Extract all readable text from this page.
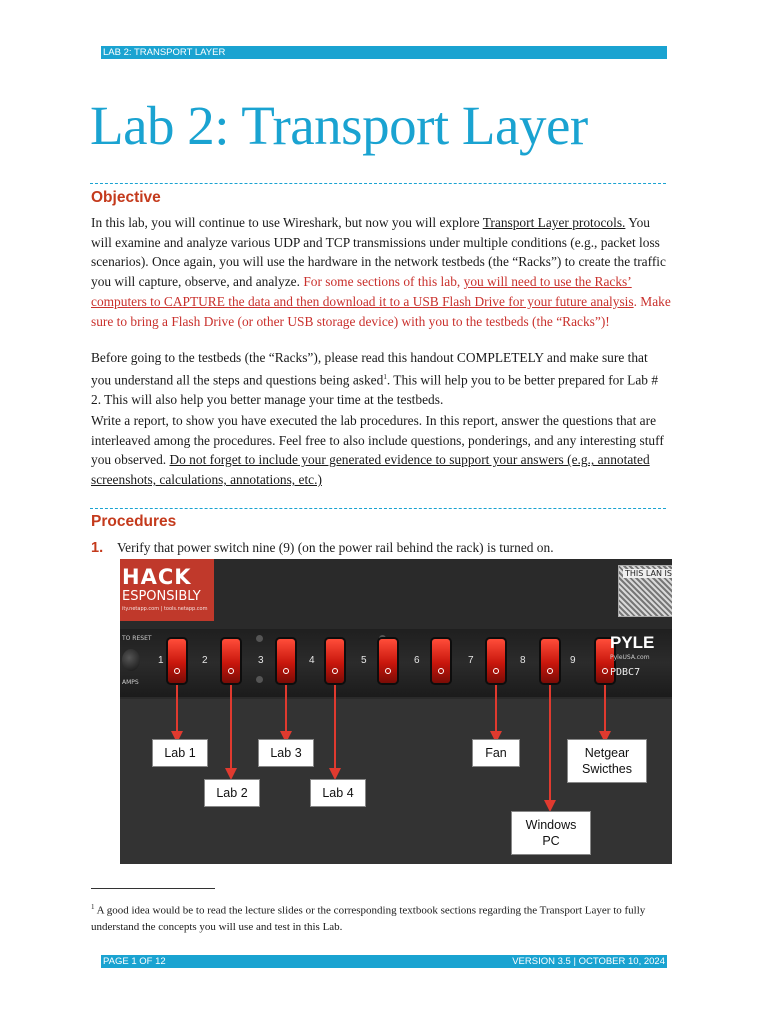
LAB 2: TRANSPORT LAYER
Lab 2: Transport Layer
Objective

In this lab, you will continue to use Wireshark, but now you will explore Transport Layer protocols. You will examine and analyze various UDP and TCP transmissions under multiple conditions (e.g., packet loss scenarios). Once again, you will use the hardware in the network testbeds (the “Racks”) to create the traffic you will capture, observe, and analyze. For some sections of this lab, you will need to use the Racks’ computers to CAPTURE the data and then download it to a USB Flash Drive for your future analysis. Make sure to bring a Flash Drive (or other USB storage device) with you to the testbeds (the “Racks”)!

Before going to the testbeds (the “Racks”), please read this handout COMPLETELY and make sure that you understand all the steps and questions being asked$^1$. This will help you to be better prepared for Lab # 2. This will also help you better manage your time at the testbeds.

Write a report, to show you have executed the lab procedures. In this report, answer the questions that are interleaved among the procedures. Feel free to also include questions, ponderings, and any interesting stuff you observed. Do not forget to include your generated evidence to support your answers (e.g., annotated screenshots, calculations, annotations, etc.)

Procedures
1. Verify that power switch nine (9) (on the power rail behind the rack) is turned on.
HACK
ESPONSIBLY
ity.netapp.com | tools.netapp.com
THIS LAN IS
TO RESET
AMPS
1	2	3	4	5	6	7	8	9
PYLE
PyleUSA.com
PDBC7
Lab 1
Lab 2
Lab 3
Lab 4
Fan	Netgear
Swicthes
Windows
PC

$^1$ A good idea would be to read the lecture slides or the corresponding textbook sections regarding the Transport Layer to fully understand the concepts you will use and test in this Lab.

PAGE 1 OF 12	VERSION 3.5 | OCTOBER 10, 2024
